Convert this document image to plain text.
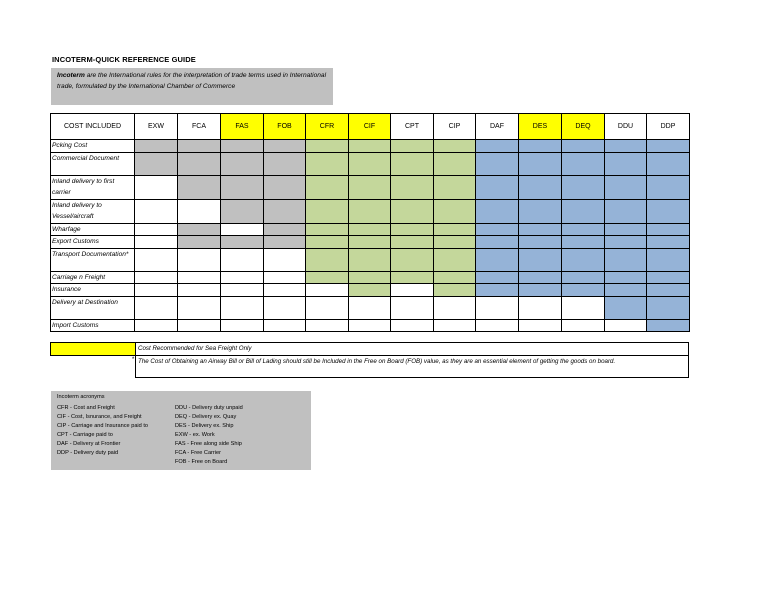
INCOTERM-QUICK REFERENCE GUIDE
Incoterm are the International rules for the interpretation of trade terms used in International trade, formulated by the International Chamber of Commerce
COST INCLUDED	EXW	FCA	FAS	FOB	CFR	CIF	CPT	CIP	DAF	DES	DEQ	DDU	DDP
Pcking Cost													
Commercial Document													
Inland delivery to first carrier													
Inland delivery to Vessel/aircraft													
Wharfage													
Export Customs													
Transport Documentation*													
Carriage n Freight													
Insurance													
Delivery at Destination													
Import Customs													
	Cost Recommended for Sea Freight Only
*	The Cost of Obtaining an Airway Bill or Bill of Lading should still be Included in the Free on Board (FOB) value, as they are an essential element of getting the goods on board.
Incoterm acronyms
CFR - Cost and Freight
CIF - Cost, Isnurance, and Freight
CIP - Carriage and Insurance paid to
CPT - Carriage paid to
DAF - Delivery at Frontier
DDP - Delivery duty paid
DDU - Delivery duty unpaid
DEQ - Delivery ex. Quay
DES - Delivery ex. Ship
EXW - ex. Work
FAS - Free along side Ship
FCA - Free Carrier
FOB - Free on Board
